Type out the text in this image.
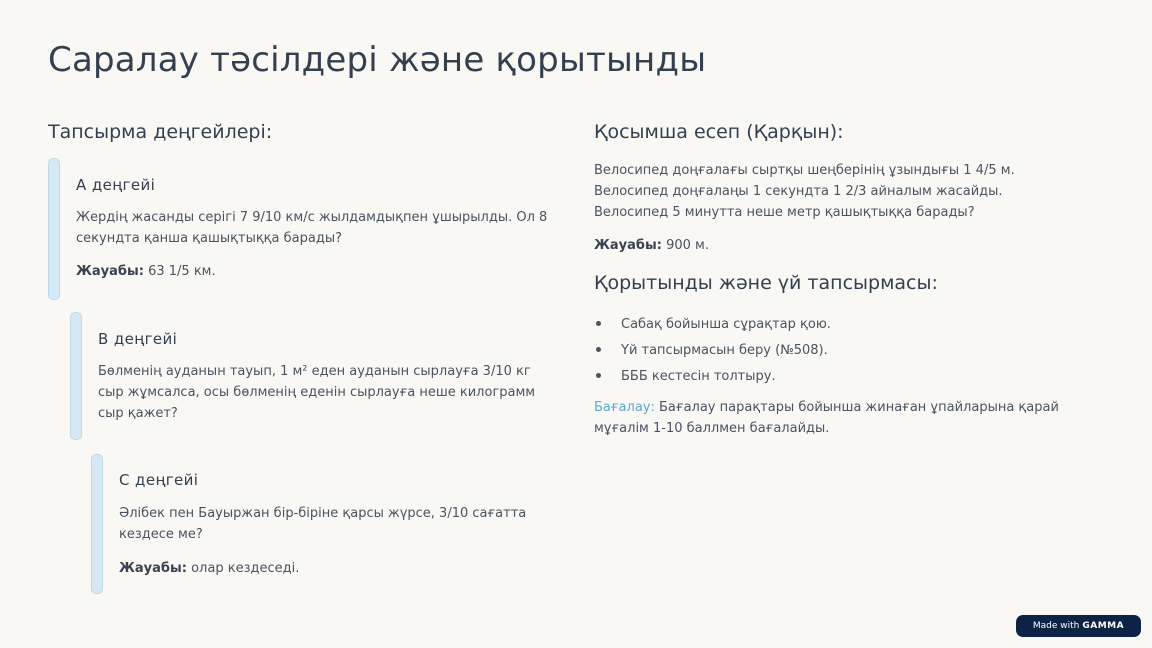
Саралау тәсілдері және қорытынды
Тапсырма деңгейлері:
А деңгейі

Жердің жасанды серігі 7 9/10 км/с жылдамдықпен ұшырылды. Ол 8 секундта қанша қашықтыққа барады?

Жауабы: 63 1/5 км.

В деңгейі

Бөлменің ауданын тауып, 1 м² еден ауданын сырлауға 3/10 кг сыр жұмсалса, осы бөлменің еденін сырлауға неше килограмм сыр қажет?

С деңгейі

Әлібек пен Бауыржан бір-біріне қарсы жүрсе, 3/10 сағатта кездесе ме?

Жауабы: олар кездеседі.

Қосымша есеп (Қарқын):

Велосипед доңғалағы сыртқы шеңберінің ұзындығы 1 4/5 м.

Велосипед доңғалаңы 1 секундта 1 2/3 айналым жасайды.

Велосипед 5 минутта неше метр қашықтыққа барады?

Жауабы: 900 м.

Қорытынды және үй тапсырмасы:
Сабақ бойынша сұрақтар қою.
Үй тапсырмасын беру (№508).
БББ кестесін толтыру.

Бағалау: Бағалау парақтары бойынша жинаған ұпайларына қарай мұғалім 1-10 баллмен бағалайды.

Made with GAMMA
